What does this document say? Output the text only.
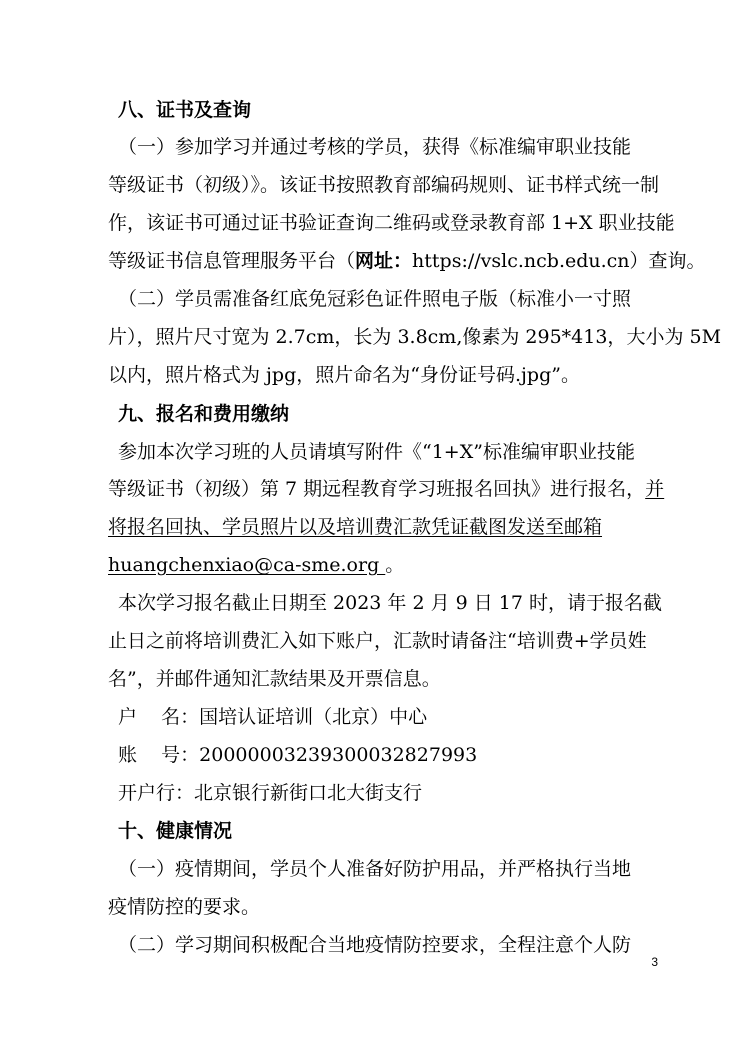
八、证书及查询
（一）参加学习并通过考核的学员，获得《标准编审职业技能
等级证书（初级）》。该证书按照教育部编码规则、证书样式统一制
作，该证书可通过证书验证查询二维码或登录教育部 1+X 职业技能
等级证书信息管理服务平台（网址：https://vslc.ncb.edu.cn）查询。
（二）学员需准备红底免冠彩色证件照电子版（标准小一寸照
片），照片尺寸宽为 2.7cm，长为 3.8cm,像素为 295*413，大小为 5M
以内，照片格式为 jpg，照片命名为“身份证号码.jpg”。
九、报名和费用缴纳
参加本次学习班的人员请填写附件《“1+X”标准编审职业技能
等级证书（初级）第 7 期远程教育学习班报名回执》进行报名，并
将报名回执、学员照片以及培训费汇款凭证截图发送至邮箱
huangchenxiao@ca-sme.org 。
本次学习报名截止日期至 2023 年 2 月 9 日 17 时，请于报名截
止日之前将培训费汇入如下账户，汇款时请备注“培训费+学员姓
名”，并邮件通知汇款结果及开票信息。
户    名：国培认证培训（北京）中心
账    号：20000003239300032827993
开户行：北京银行新街口北大街支行
十、健康情况
（一）疫情期间，学员个人准备好防护用品，并严格执行当地
疫情防控的要求。
（二）学习期间积极配合当地疫情防控要求，全程注意个人防
3
